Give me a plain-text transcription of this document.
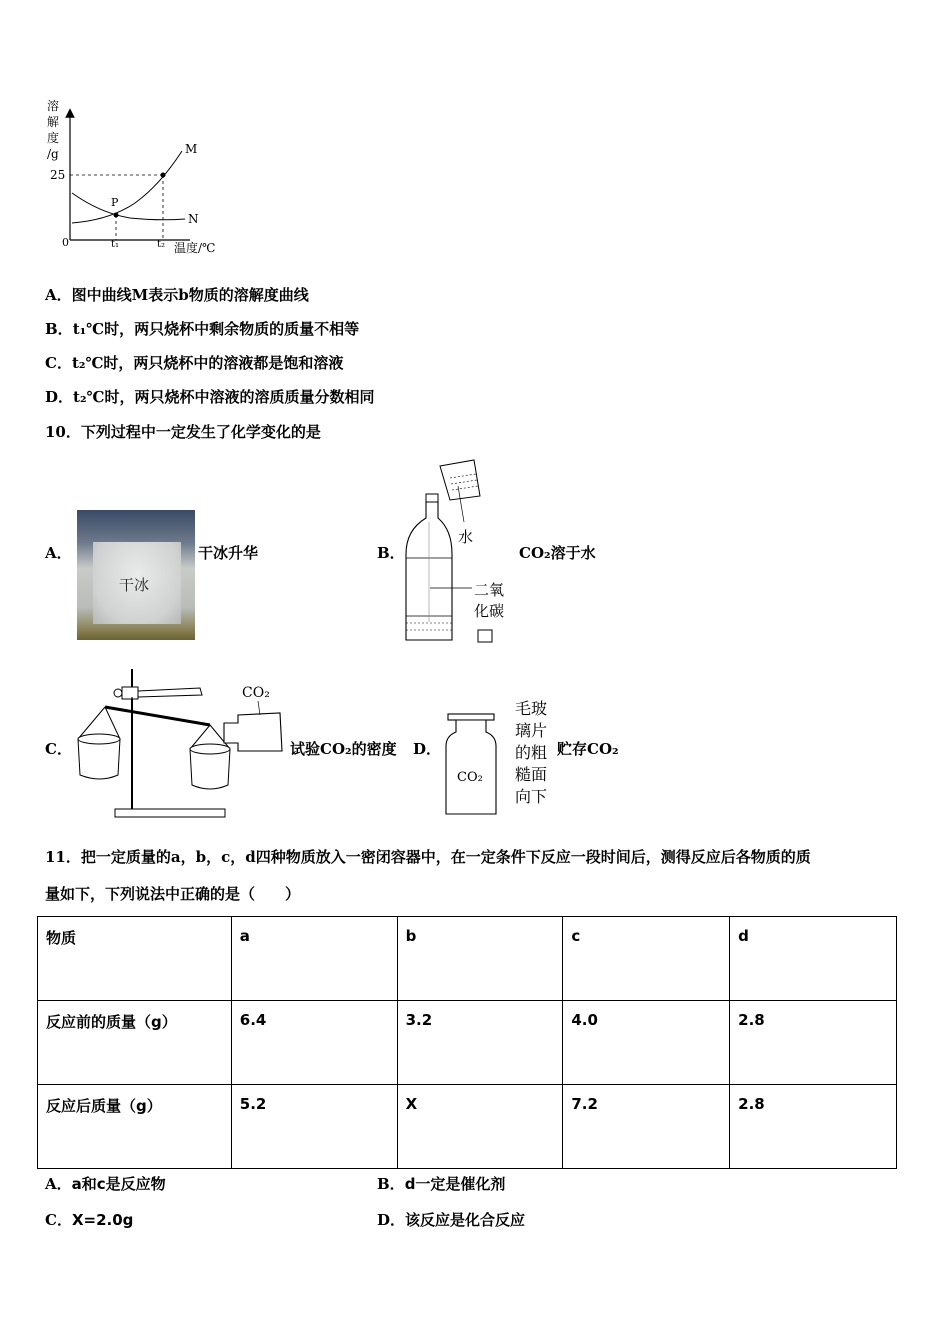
溶
解
度
/g
25
P
M
N
0	t₁	t₂ 温度/℃
A．图中曲线M表示b物质的溶解度曲线
B．t₁℃时，两只烧杯中剩余物质的质量不相等
C．t₂℃时，两只烧杯中的溶液都是饱和溶液
D．t₂℃时，两只烧杯中溶液的溶质质量分数相同
10．下列过程中一定发生了化学变化的是
A．
干冰
干冰升华	B．
水
二氧
化碳
CO₂溶于水
C．
CO₂
试验CO₂的密度 D．
CO₂
毛玻
璃片
的粗
糙面
向下
贮存CO₂
11．把一定质量的a，b，c，d四种物质放入一密闭容器中，在一定条件下反应一段时间后，测得反应后各物质的质
量如下，下列说法中正确的是（　　）
物质	a	b	c	d
反应前的质量（g）	6.4	3.2	4.0	2.8
反应后质量（g）	5.2	X	7.2	2.8
A．a和c是反应物	B．d一定是催化剂
C．X=2.0g	D．该反应是化合反应
